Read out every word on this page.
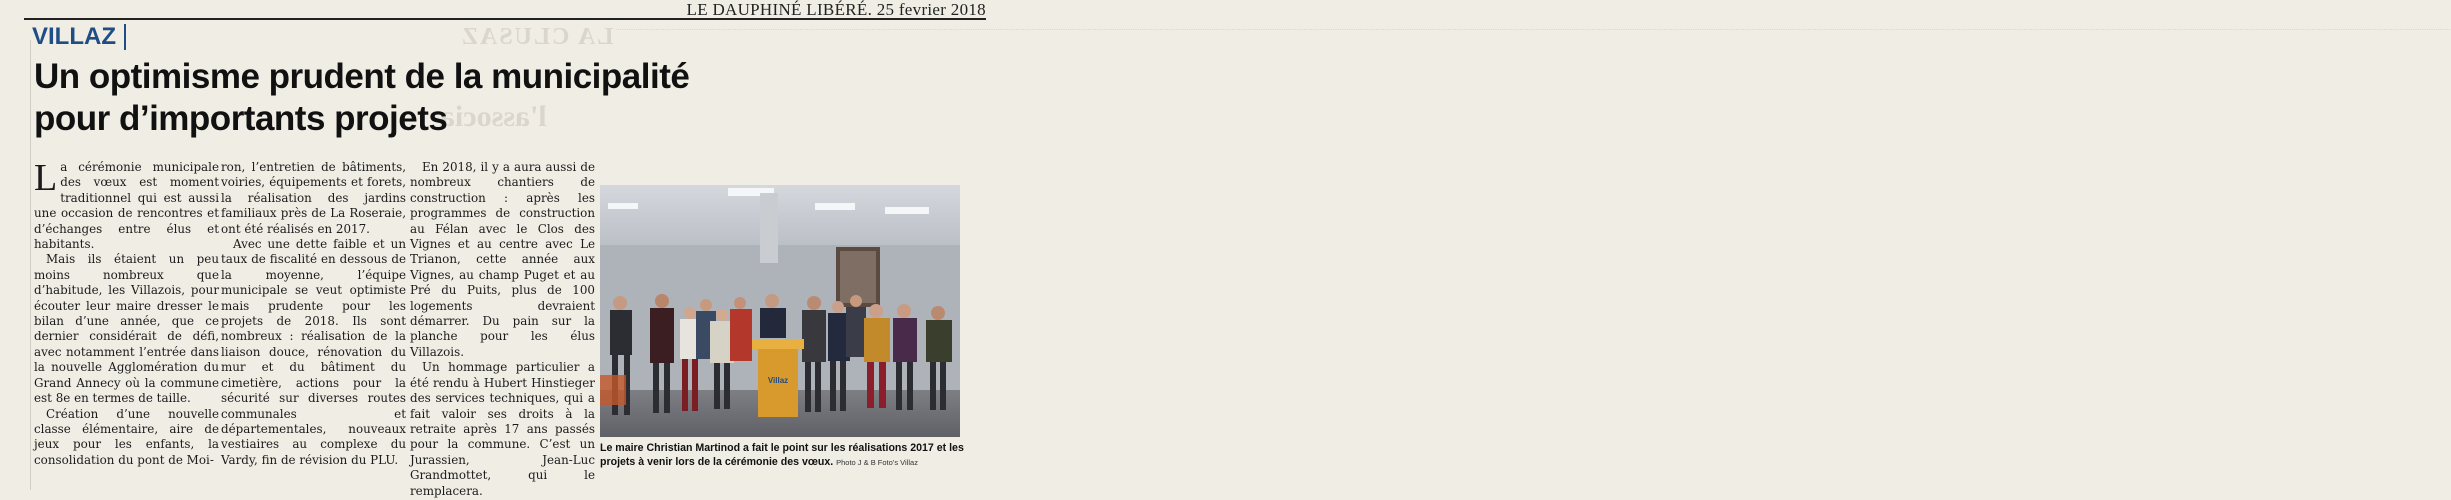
LA CLUSAZ
l'associa
................................................................................................................................................................................................................................................................................................................................................................................................................................................................................................................................................................................................................................................................................................................................................................................................................................................
LE DAUPHINÉ LIBÉRÉ. 25 fevrier 2018
VILLAZ
Un optimisme prudent de la municipalité pour d’importants projets

La cérémonie municipale des vœux est moment traditionnel qui est aussi une occasion de rencontres et d’échanges entre élus et habitants.

Mais ils étaient un peu moins nombreux que d’habitude, les Villazois, pour écouter leur maire dresser le bilan d’une année, que ce dernier considérait de défi, avec notamment l’entrée dans la nouvelle Agglomération du Grand Annecy où la commune est 8e en termes de taille.

Création d’une nouvelle classe élémentaire, aire de jeux pour les enfants, la consolidation du pont de Moi-

ron, l’entretien de bâtiments, voiries, équipements et forets, la réalisation des jardins familiaux près de La Roseraie, ont été réalisés en 2017.

Avec une dette faible et un taux de fiscalité en dessous de la moyenne, l’équipe municipale se veut optimiste mais prudente pour les projets de 2018. Ils sont nombreux : réalisation de la liaison douce, rénovation du mur et du bâtiment du cimetière, actions pour la sécurité sur diverses routes communales et départementales, nouveaux vestiaires au complexe du Vardy, fin de révision du PLU.

En 2018, il y a aura aussi de nombreux chantiers de construction : après les programmes de construction au Félan avec le Clos des Vignes et au centre avec Le Trianon, cette année aux Vignes, au champ Puget et au Pré du Puits, plus de 100 logements devraient démarrer. Du pain sur la planche pour les élus Villazois.

Un hommage particulier a été rendu à Hubert Hinstieger des services techniques, qui a fait valoir ses droits à la retraite après 17 ans passés pour la commune. C’est un Jurassien, Jean-Luc Grandmottet, qui le remplacera.

Villaz
Le maire Christian Martinod a fait le point sur les réalisations 2017 et les projets à venir lors de la cérémonie des vœux. Photo J & B Foto’s Villaz
